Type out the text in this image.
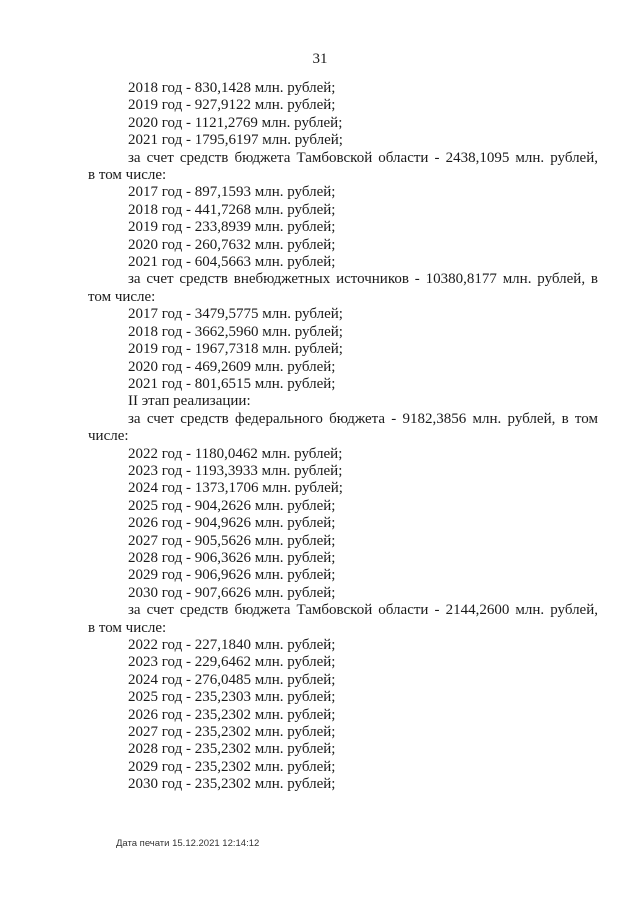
31
2018 год - 830,1428 млн. рублей;
2019 год - 927,9122 млн. рублей;
2020 год - 1121,2769 млн. рублей;
2021 год - 1795,6197 млн. рублей;
за счет средств бюджета Тамбовской области - 2438,1095 млн. рублей,
в том числе:
2017 год - 897,1593 млн. рублей;
2018 год - 441,7268 млн. рублей;
2019 год - 233,8939 млн. рублей;
2020 год - 260,7632 млн. рублей;
2021 год - 604,5663 млн. рублей;
за счет средств внебюджетных источников - 10380,8177 млн. рублей, в
том числе:
2017 год - 3479,5775 млн. рублей;
2018 год - 3662,5960 млн. рублей;
2019 год - 1967,7318 млн. рублей;
2020 год - 469,2609 млн. рублей;
2021 год - 801,6515 млн. рублей;
II этап реализации:
за счет средств федерального бюджета - 9182,3856 млн. рублей, в том
числе:
2022 год - 1180,0462 млн. рублей;
2023 год - 1193,3933 млн. рублей;
2024 год - 1373,1706 млн. рублей;
2025 год - 904,2626 млн. рублей;
2026 год - 904,9626 млн. рублей;
2027 год - 905,5626 млн. рублей;
2028 год - 906,3626 млн. рублей;
2029 год - 906,9626 млн. рублей;
2030 год - 907,6626 млн. рублей;
за счет средств бюджета Тамбовской области - 2144,2600 млн. рублей,
в том числе:
2022 год - 227,1840 млн. рублей;
2023 год - 229,6462 млн. рублей;
2024 год - 276,0485 млн. рублей;
2025 год - 235,2303 млн. рублей;
2026 год - 235,2302 млн. рублей;
2027 год - 235,2302 млн. рублей;
2028 год - 235,2302 млн. рублей;
2029 год - 235,2302 млн. рублей;
2030 год - 235,2302 млн. рублей;
Дата печати 15.12.2021 12:14:12
